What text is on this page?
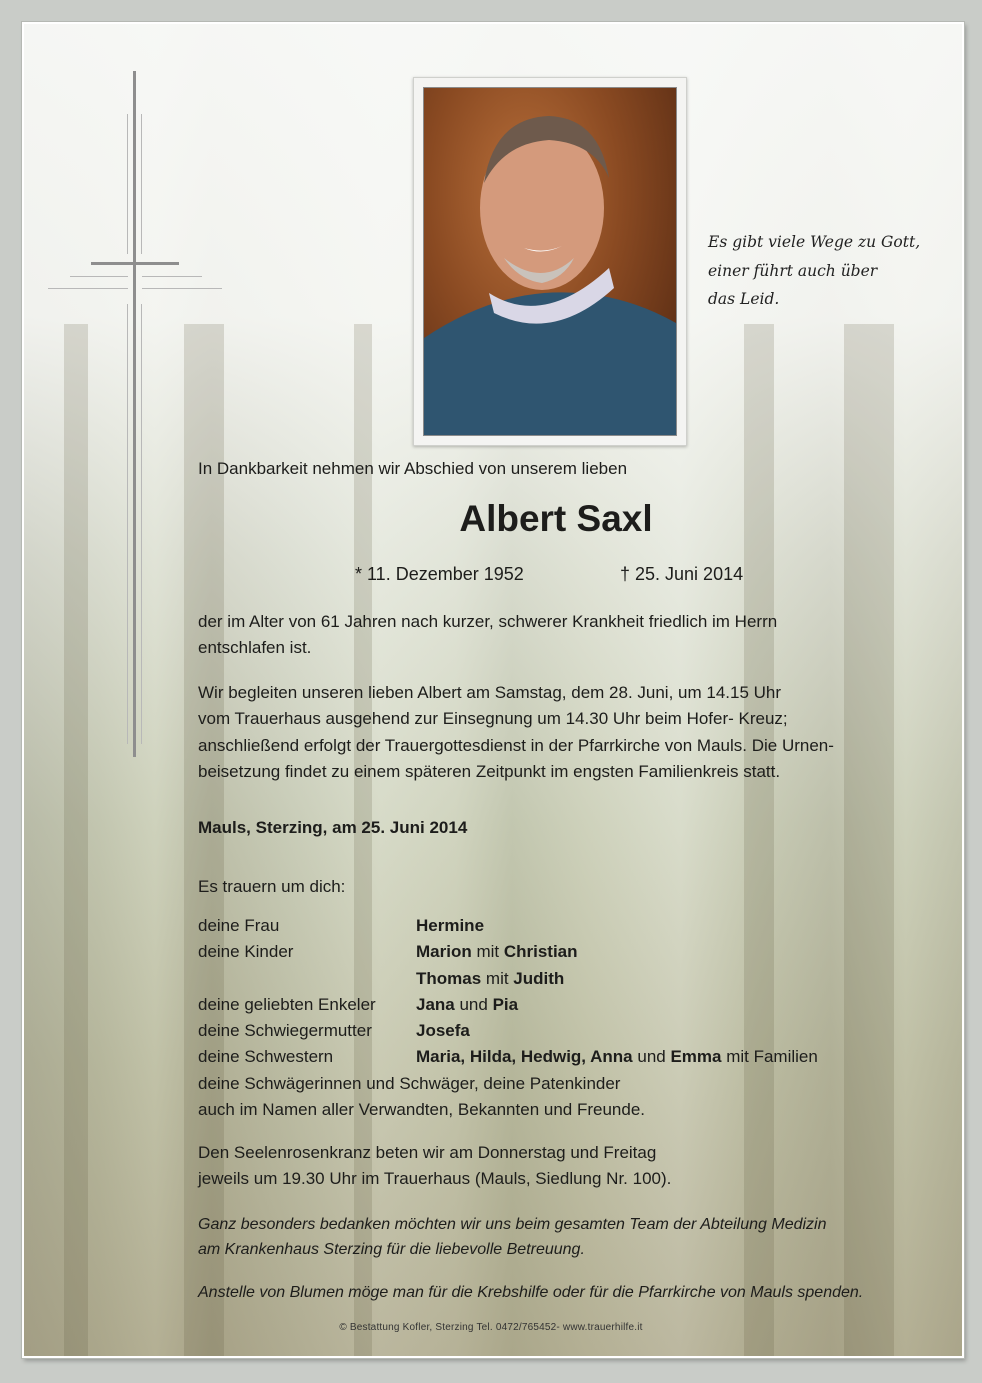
Es gibt viele Wege zu Gott,
einer führt auch über
das Leid.
In Dankbarkeit nehmen wir Abschied von unserem lieben
Albert Saxl
* 11. Dezember 1952	† 25. Juni 2014
der im Alter von 61 Jahren nach kurzer, schwerer Krankheit friedlich im Herrn
entschlafen ist.
Wir begleiten unseren lieben Albert am Samstag, dem 28. Juni, um 14.15 Uhr
vom Trauerhaus ausgehend zur Einsegnung um 14.30 Uhr beim Hofer- Kreuz;
anschließend erfolgt der Trauergottesdienst in der Pfarrkirche von Mauls. Die Urnen-
beisetzung findet zu einem späteren Zeitpunkt im engsten Familienkreis statt.
Mauls, Sterzing, am 25. Juni 2014
Es trauern um dich:
deine Frau	Hermine
deine Kinder	Marion mit Christian
Thomas mit Judith
deine geliebten Enkeler	Jana und Pia
deine Schwiegermutter	Josefa
deine Schwestern	Maria, Hilda, Hedwig, Anna und Emma mit Familien
deine Schwägerinnen und Schwäger, deine Patenkinder
auch im Namen aller Verwandten, Bekannten und Freunde.
Den Seelenrosenkranz beten wir am Donnerstag und Freitag
jeweils um 19.30 Uhr im Trauerhaus (Mauls, Siedlung Nr. 100).
Ganz besonders bedanken möchten wir uns beim gesamten Team der Abteilung Medizin
am Krankenhaus Sterzing für die liebevolle Betreuung.
Anstelle von Blumen möge man für die Krebshilfe oder für die Pfarrkirche von Mauls spenden.
© Bestattung Kofler, Sterzing Tel. 0472/765452- www.trauerhilfe.it
